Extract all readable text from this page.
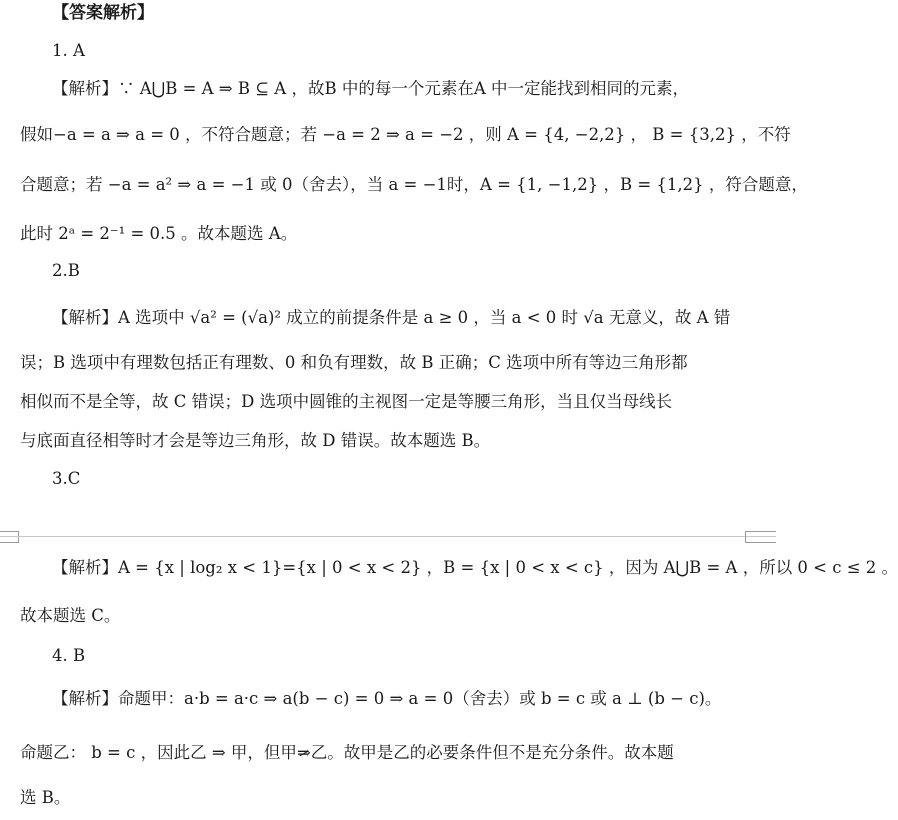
【答案解析】
1. A
【解析】∵ A⋃B = A ⇒ B ⊆ A ，故B 中的每一个元素在A 中一定能找到相同的元素，
假如−a = a ⇒ a = 0 ，不符合题意；若 −a = 2 ⇒ a = −2 ，则 A = {4, −2,2} ， B = {3,2} ，不符
合题意；若 −a = a² ⇒ a = −1 或 0（舍去），当 a = −1时，A = {1, −1,2} ，B = {1,2} ，符合题意，
此时 2ᵃ = 2⁻¹ = 0.5 。故本题选 A。
2.B
【解析】A 选项中 √a² = (√a)² 成立的前提条件是 a ≥ 0 ，当 a < 0 时 √a 无意义，故 A 错
误；B 选项中有理数包括正有理数、0 和负有理数，故 B 正确；C 选项中所有等边三角形都
相似而不是全等，故 C 错误；D 选项中圆锥的主视图一定是等腰三角形，当且仅当母线长
与底面直径相等时才会是等边三角形，故 D 错误。故本题选 B。
3.C
【解析】A = {x | log₂ x < 1}={x | 0 < x < 2} ，B = {x | 0 < x < c} ，因为 A⋃B = A ，所以 0 < c ≤ 2 。
故本题选 C。
4. B
【解析】命题甲：a·b = a·c ⇒ a(b − c) = 0 ⇒ a = 0（舍去）或 b = c 或 a ⊥ (b − c)。
命题乙： b = c ，因此乙 ⇒ 甲，但甲⇒乙。故甲是乙的必要条件但不是充分条件。故本题
选 B。
